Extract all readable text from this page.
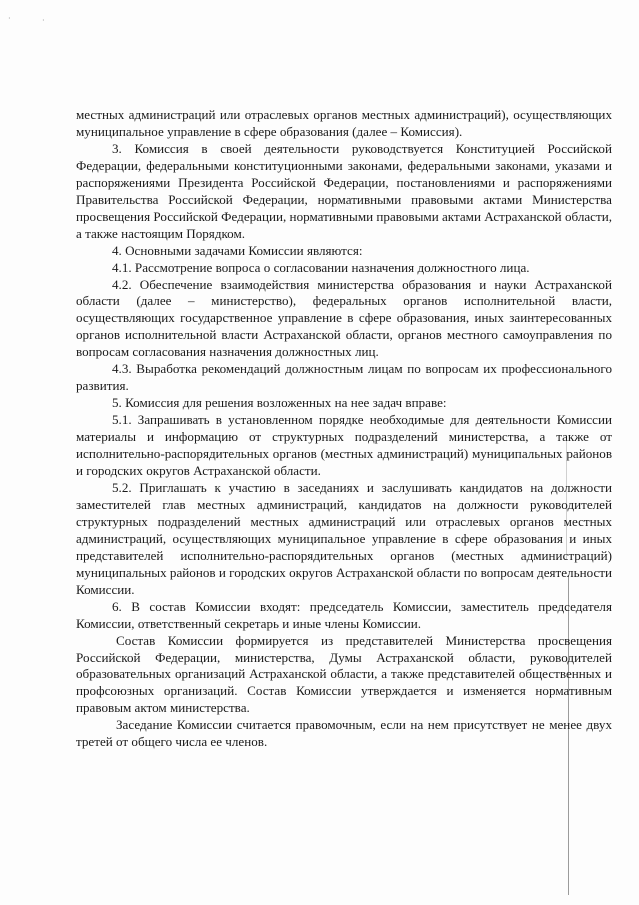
·	·

местных администраций или отраслевых органов местных администраций), осуществляющих муниципальное управление в сфере образования (далее – Комиссия).

3. Комиссия в своей деятельности руководствуется Конституцией Российской Федерации, федеральными конституционными законами, федеральными законами, указами и распоряжениями Президента Российской Федерации, постановлениями и распоряжениями Правительства Российской Федерации, нормативными правовыми актами Министерства просвещения Российской Федерации, нормативными правовыми актами Астраханской области, а также настоящим Порядком.

4. Основными задачами Комиссии являются:

4.1. Рассмотрение вопроса о согласовании назначения должностного лица.

4.2. Обеспечение взаимодействия министерства образования и науки Астраханской области (далее – министерство), федеральных органов исполнительной власти, осуществляющих государственное управление в сфере образования, иных заинтересованных органов исполнительной власти Астраханской области, органов местного самоуправления по вопросам согласования назначения должностных лиц.

4.3. Выработка рекомендаций должностным лицам по вопросам их профессионального развития.

5. Комиссия для решения возложенных на нее задач вправе:

5.1. Запрашивать в установленном порядке необходимые для деятельности Комиссии материалы и информацию от структурных подразделений министерства, а также от исполнительно-распорядительных органов (местных администраций) муниципальных районов и городских округов Астраханской области.

5.2. Приглашать к участию в заседаниях и заслушивать кандидатов на должности заместителей глав местных администраций, кандидатов на должности руководителей структурных подразделений местных администраций или отраслевых органов местных администраций, осуществляющих муниципальное управление в сфере образования и иных представителей исполнительно-распорядительных органов (местных администраций) муниципальных районов и городских округов Астраханской области по вопросам деятельности Комиссии.

6. В состав Комиссии входят: председатель Комиссии, заместитель председателя Комиссии, ответственный секретарь и иные члены Комиссии.

Состав Комиссии формируется из представителей Министерства просвещения Российской Федерации, министерства, Думы Астраханской области, руководителей образовательных организаций Астраханской области, а также представителей общественных и профсоюзных организаций. Состав Комиссии утверждается и изменяется нормативным правовым актом министерства.

Заседание Комиссии считается правомочным, если на нем присутствует не менее двух третей от общего числа ее членов.
